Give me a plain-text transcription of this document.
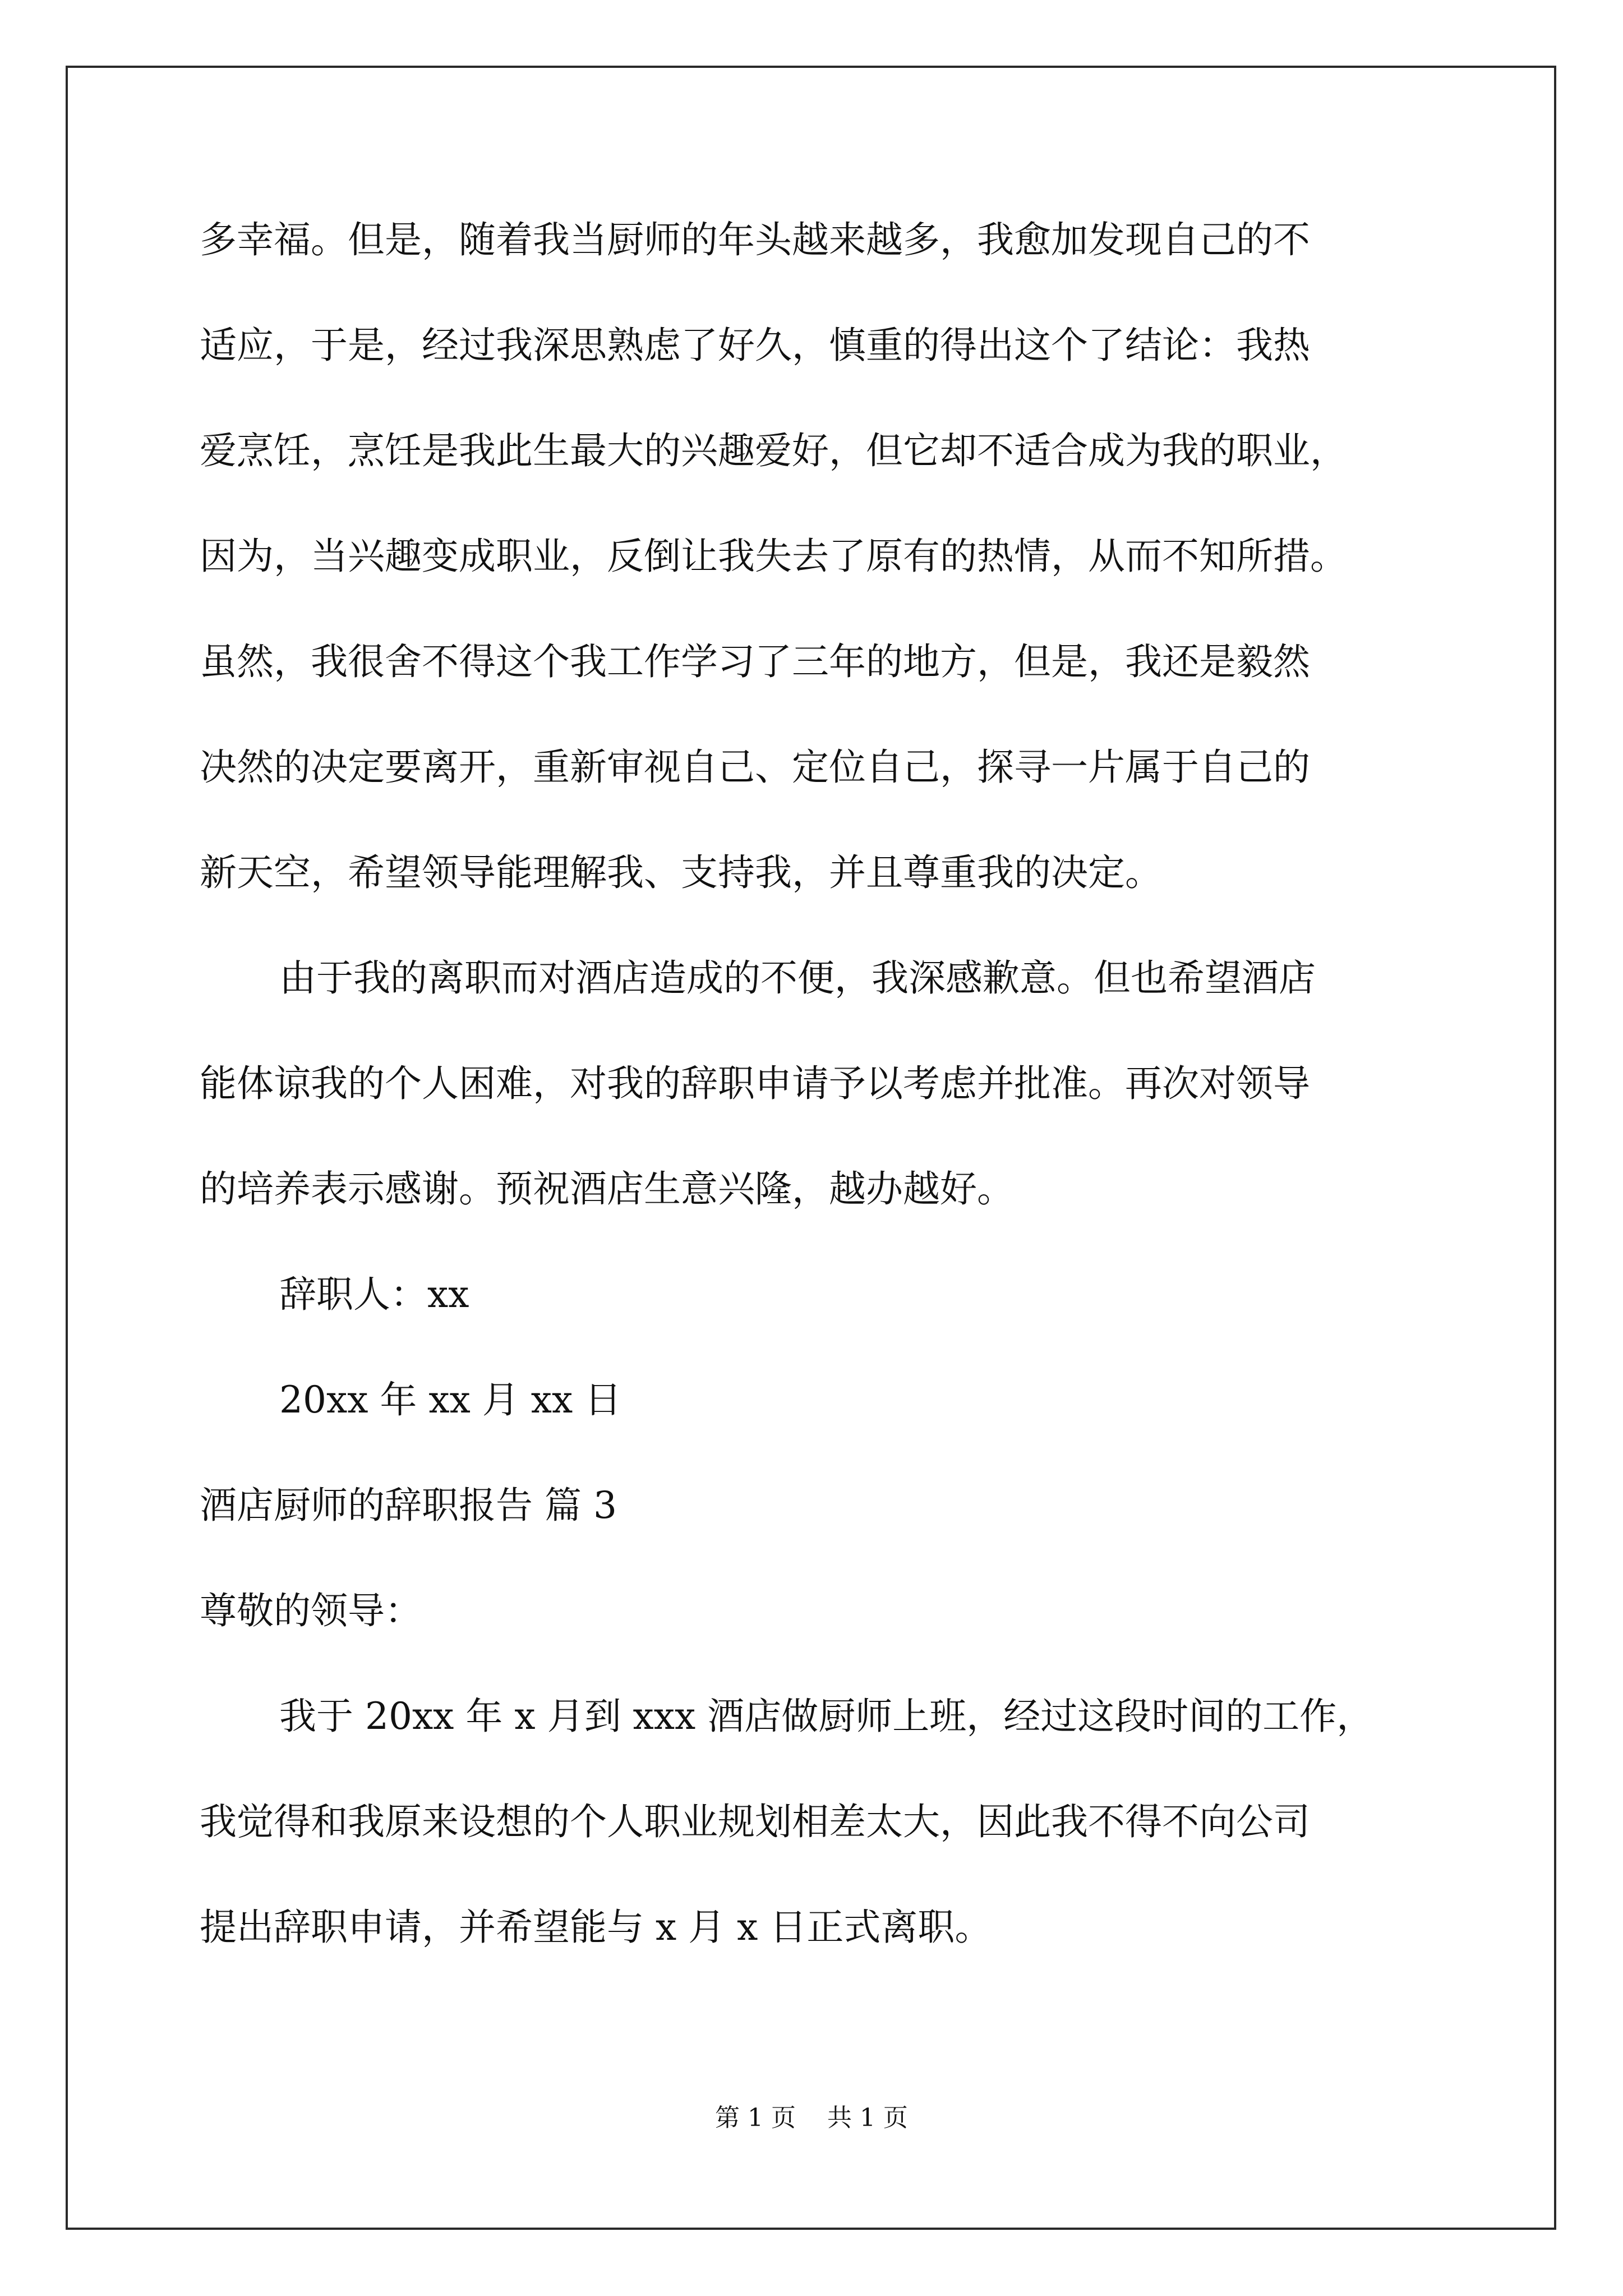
多幸福。但是，随着我当厨师的年头越来越多，我愈加发现自己的不
适应，于是，经过我深思熟虑了好久，慎重的得出这个了结论：我热
爱烹饪，烹饪是我此生最大的兴趣爱好，但它却不适合成为我的职业，
因为，当兴趣变成职业，反倒让我失去了原有的热情，从而不知所措。
虽然，我很舍不得这个我工作学习了三年的地方，但是，我还是毅然
决然的决定要离开，重新审视自己、定位自己，探寻一片属于自己的
新天空，希望领导能理解我、支持我，并且尊重我的决定。
由于我的离职而对酒店造成的不便，我深感歉意。但也希望酒店
能体谅我的个人困难，对我的辞职申请予以考虑并批准。再次对领导
的培养表示感谢。预祝酒店生意兴隆，越办越好。
辞职人：xx
20xx 年 xx 月 xx 日
酒店厨师的辞职报告 篇 3
尊敬的领导：
我于 20xx 年 x 月到 xxx 酒店做厨师上班，经过这段时间的工作，
我觉得和我原来设想的个人职业规划相差太大，因此我不得不向公司
提出辞职申请，并希望能与 x 月 x 日正式离职。
第 1 页    共 1 页
